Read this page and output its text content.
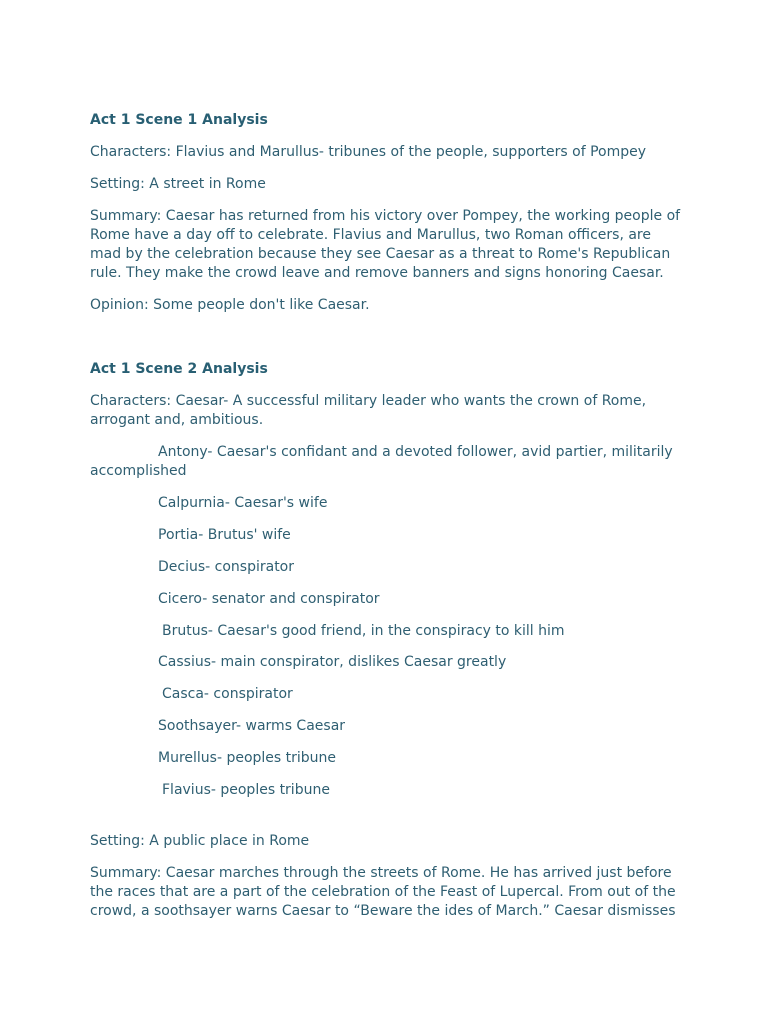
Act 1 Scene 1 Analysis

Characters: Flavius and Marullus- tribunes of the people, supporters of Pompey

Setting: A street in Rome

Summary: Caesar has returned from his victory over Pompey, the working people of

Rome have a day off to celebrate. Flavius and Marullus, two Roman officers, are

mad by the celebration because they see Caesar as a threat to Rome's Republican

rule. They make the crowd leave and remove banners and signs honoring Caesar.

Opinion: Some people don't like Caesar.

Act 1 Scene 2 Analysis

Characters: Caesar- A successful military leader who wants the crown of Rome,

arrogant and, ambitious.

Antony- Caesar's confidant and a devoted follower, avid partier, militarily

accomplished

Calpurnia- Caesar's wife

Portia- Brutus' wife

Decius- conspirator

Cicero- senator and conspirator

Brutus- Caesar's good friend, in the conspiracy to kill him

Cassius- main conspirator, dislikes Caesar greatly

Casca- conspirator

Soothsayer- warms Caesar

Murellus- peoples tribune

Flavius- peoples tribune

Setting: A public place in Rome

Summary: Caesar marches through the streets of Rome. He has arrived just before

the races that are a part of the celebration of the Feast of Lupercal. From out of the

crowd, a soothsayer warns Caesar to “Beware the ides of March.” Caesar dismisses
